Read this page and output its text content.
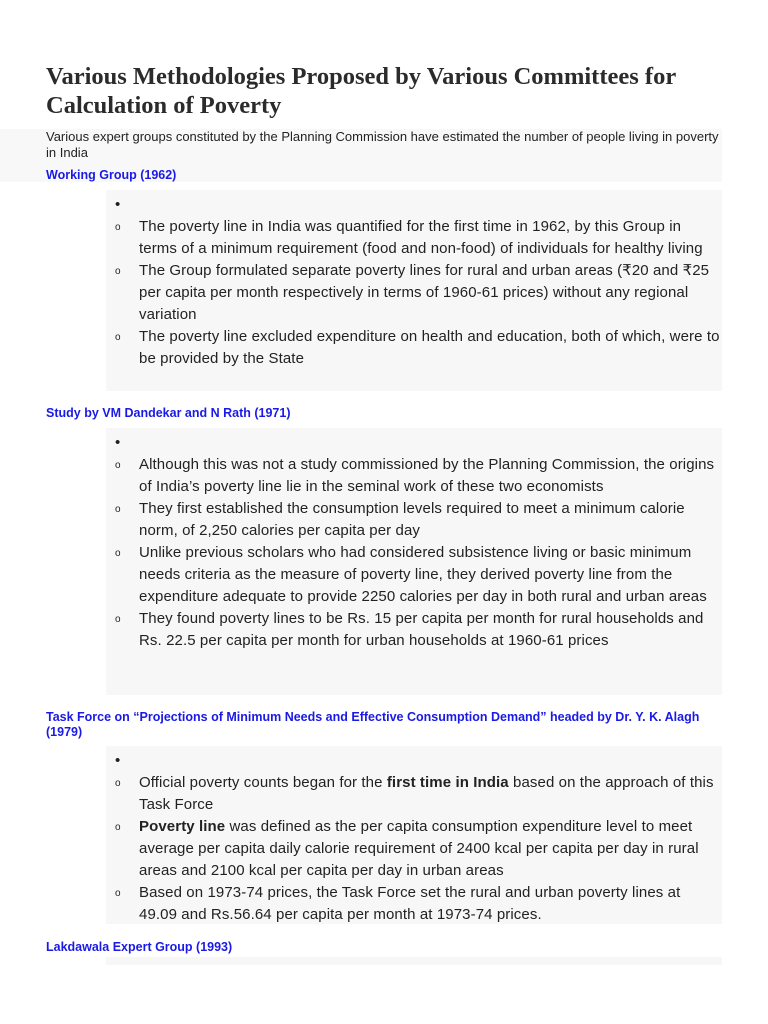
Various Methodologies Proposed by Various Committees for Calculation of Poverty

Various expert groups constituted by the Planning Commission have estimated the number of people living in poverty in India

Working Group (1962)
•

o The poverty line in India was quantified for the first time in 1962, by this Group in terms of a minimum requirement (food and non-food) of individuals for healthy living
o The Group formulated separate poverty lines for rural and urban areas (₹20 and ₹25 per capita per month respectively in terms of 1960-61 prices) without any regional variation
o The poverty line excluded expenditure on health and education, both of which, were to be provided by the State
Study by VM Dandekar and N Rath (1971)
•

o Although this was not a study commissioned by the Planning Commission, the origins of India’s poverty line lie in the seminal work of these two economists
o They first established the consumption levels required to meet a minimum calorie norm, of 2,250 calories per capita per day
o Unlike previous scholars who had considered subsistence living or basic minimum needs criteria as the measure of poverty line, they derived poverty line from the expenditure adequate to provide 2250 calories per day in both rural and urban areas
o They found poverty lines to be Rs. 15 per capita per month for rural households and Rs. 22.5 per capita per month for urban households at 1960-61 prices
Task Force on “Projections of Minimum Needs and Effective Consumption Demand” headed by Dr. Y. K. Alagh (1979)
•

o Official poverty counts began for the first time in India based on the approach of this Task Force
o Poverty line was defined as the per capita consumption expenditure level to meet average per capita daily calorie requirement of 2400 kcal per capita per day in rural areas and 2100 kcal per capita per day in urban areas
o Based on 1973-74 prices, the Task Force set the rural and urban poverty lines at 49.09 and Rs.56.64 per capita per month at 1973-74 prices.
Lakdawala Expert Group (1993)
